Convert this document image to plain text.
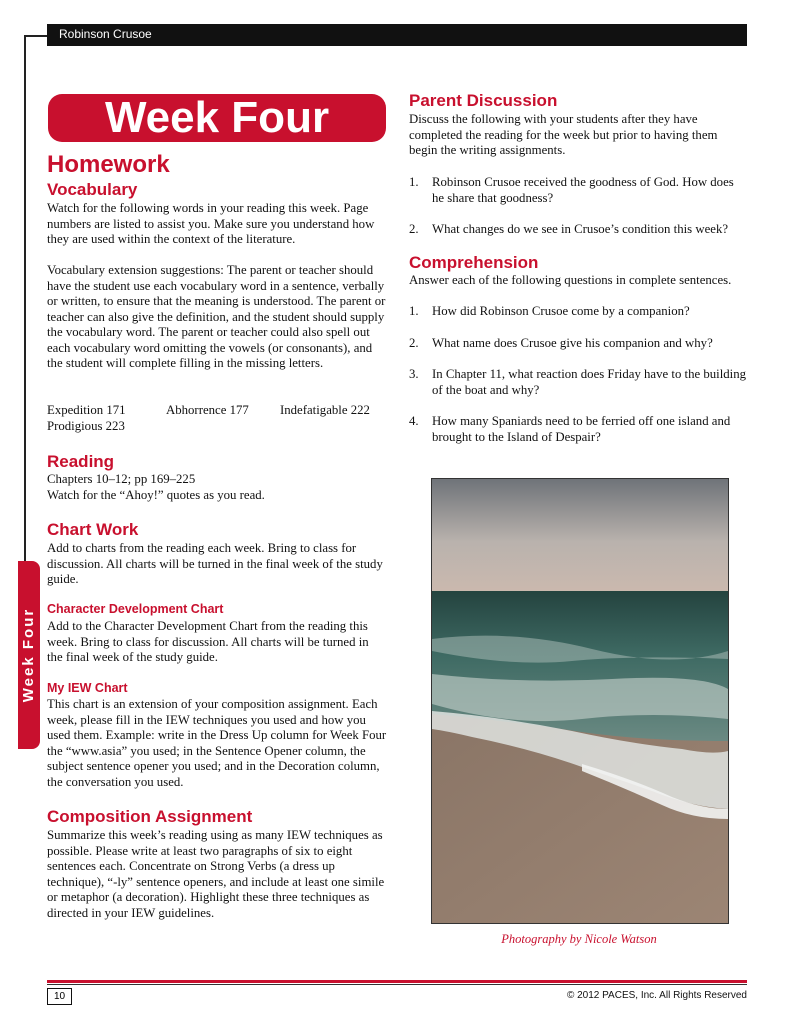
Robinson Crusoe
Week Four
Week Four
Homework
Vocabulary
Watch for the following words in your reading this week. Page numbers are listed to assist you. Make sure you understand how they are used within the context of the literature.
Vocabulary extension suggestions: The parent or teacher should have the student use each vocabulary word in a sentence, verbally or written, to ensure that the meaning is understood. The parent or teacher can also give the definition, and the student should supply the vocabulary word. The parent or teacher could also spell out each vocabulary word omitting the vowels (or consonants), and the student will complete filling in the missing letters.
Expedition 171	Abhorrence 177	Indefatigable 222
Prodigious 223
Reading
Chapters 10–12; pp 169–225
Watch for the “Ahoy!” quotes as you read.
Chart Work
Add to charts from the reading each week. Bring to class for discussion. All charts will be turned in the final week of the study guide.
Character Development Chart
Add to the Character Development Chart from the reading this week. Bring to class for discussion. All charts will be turned in the final week of the study guide.
My IEW Chart
This chart is an extension of your composition assignment. Each week, please fill in the IEW techniques you used and how you used them. Example: write in the Dress Up column for Week Four the “www.asia” you used; in the Sentence Opener column, the subject sentence opener you used; and in the Decoration column, the conversation you used.
Composition Assignment
Summarize this week’s reading using as many IEW techniques as possible. Please write at least two paragraphs of six to eight sentences each. Concentrate on Strong Verbs (a dress up technique), “-ly” sentence openers, and include at least one simile or metaphor (a decoration). Highlight these three techniques as directed in your IEW guidelines.
Parent Discussion
Discuss the following with your students after they have completed the reading for the week but prior to having them begin the writing assignments.
1. Robinson Crusoe received the goodness of God. How does he share that goodness?
2. What changes do we see in Crusoe’s condition this week?
Comprehension
Answer each of the following questions in complete sentences.
1. How did Robinson Crusoe come by a companion?
2. What name does Crusoe give his companion and why?
3. In Chapter 11, what reaction does Friday have to the building of the boat and why?
4. How many Spaniards need to be ferried off one island and brought to the Island of Despair?
Photography by Nicole Watson
10	© 2012 PACES, Inc. All Rights Reserved
